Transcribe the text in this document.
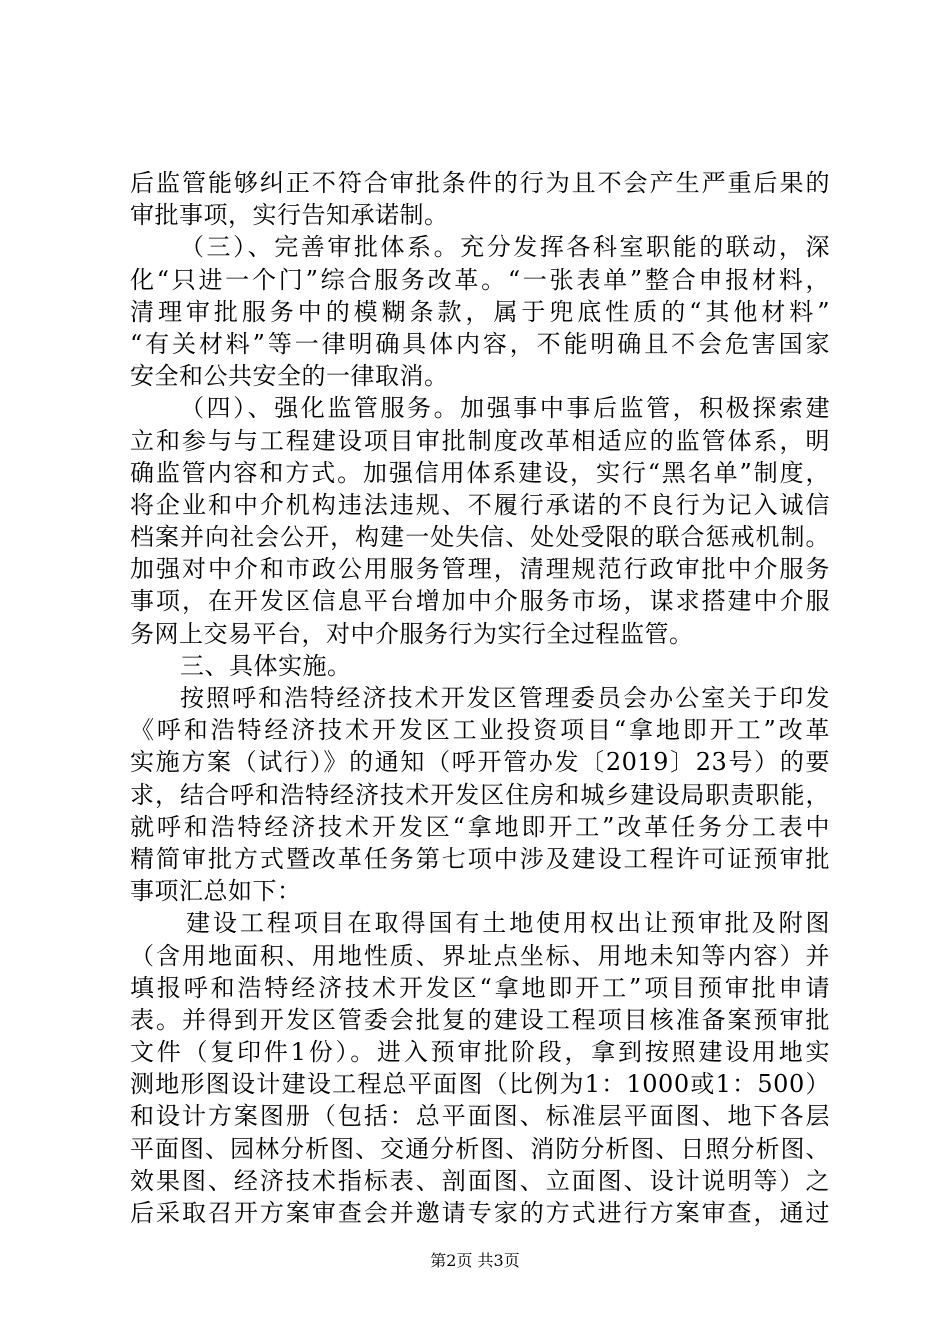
后监管能够纠正不符合审批条件的行为且不会产生严重后果的
审批事项，实行告知承诺制。
（三）、完善审批体系。充分发挥各科室职能的联动，深
化“只进一个门”综合服务改革。“一张表单”整合申报材料，
清理审批服务中的模糊条款，属于兜底性质的“其他材料”
“有关材料”等一律明确具体内容，不能明确且不会危害国家
安全和公共安全的一律取消。
（四）、强化监管服务。加强事中事后监管，积极探索建
立和参与与工程建设项目审批制度改革相适应的监管体系，明
确监管内容和方式。加强信用体系建设，实行“黑名单”制度，
将企业和中介机构违法违规、不履行承诺的不良行为记入诚信
档案并向社会公开，构建一处失信、处处受限的联合惩戒机制。
加强对中介和市政公用服务管理，清理规范行政审批中介服务
事项，在开发区信息平台增加中介服务市场，谋求搭建中介服
务网上交易平台，对中介服务行为实行全过程监管。
三、具体实施。
按照呼和浩特经济技术开发区管理委员会办公室关于印发
《呼和浩特经济技术开发区工业投资项目“拿地即开工”改革
实施方案（试行）》的通知（呼开管办发〔2019〕23号）的要
求，结合呼和浩特经济技术开发区住房和城乡建设局职责职能，
就呼和浩特经济技术开发区“拿地即开工”改革任务分工表中
精简审批方式暨改革任务第七项中涉及建设工程许可证预审批
事项汇总如下：
建设工程项目在取得国有土地使用权出让预审批及附图
（含用地面积、用地性质、界址点坐标、用地未知等内容）并
填报呼和浩特经济技术开发区“拿地即开工”项目预审批申请
表。并得到开发区管委会批复的建设工程项目核准备案预审批
文件（复印件1份）。进入预审批阶段，拿到按照建设用地实
测地形图设计建设工程总平面图（比例为1：1000或1：500）
和设计方案图册（包括：总平面图、标准层平面图、地下各层
平面图、园林分析图、交通分析图、消防分析图、日照分析图、
效果图、经济技术指标表、剖面图、立面图、设计说明等）之
后采取召开方案审查会并邀请专家的方式进行方案审查，通过
第2页 共3页
